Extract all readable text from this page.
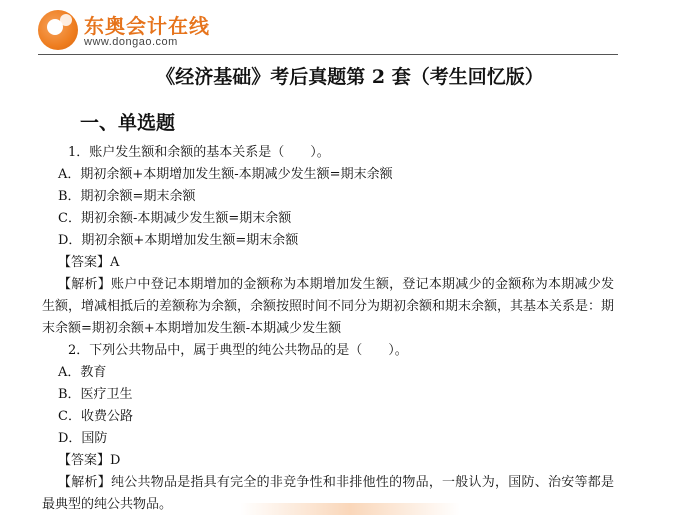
东奥会计在线
www.dongao.com
《经济基础》考后真题第 2 套（考生回忆版）
一、单选题
1．账户发生额和余额的基本关系是（　　）。
A．期初余额+本期增加发生额-本期减少发生额=期末余额
B．期初余额=期末余额
C．期初余额-本期减少发生额=期末余额
D．期初余额+本期增加发生额=期末余额
【答案】A
【解析】账户中登记本期增加的金额称为本期增加发生额，登记本期减少的金额称为本期减少发生额，增减相抵后的差额称为余额，余额按照时间不同分为期初余额和期末余额，其基本关系是：期末余额=期初余额+本期增加发生额-本期减少发生额
2．下列公共物品中，属于典型的纯公共物品的是（　　）。
A．教育
B．医疗卫生
C．收费公路
D．国防
【答案】D
【解析】纯公共物品是指具有完全的非竞争性和非排他性的物品，一般认为，国防、治安等都是最典型的纯公共物品。
